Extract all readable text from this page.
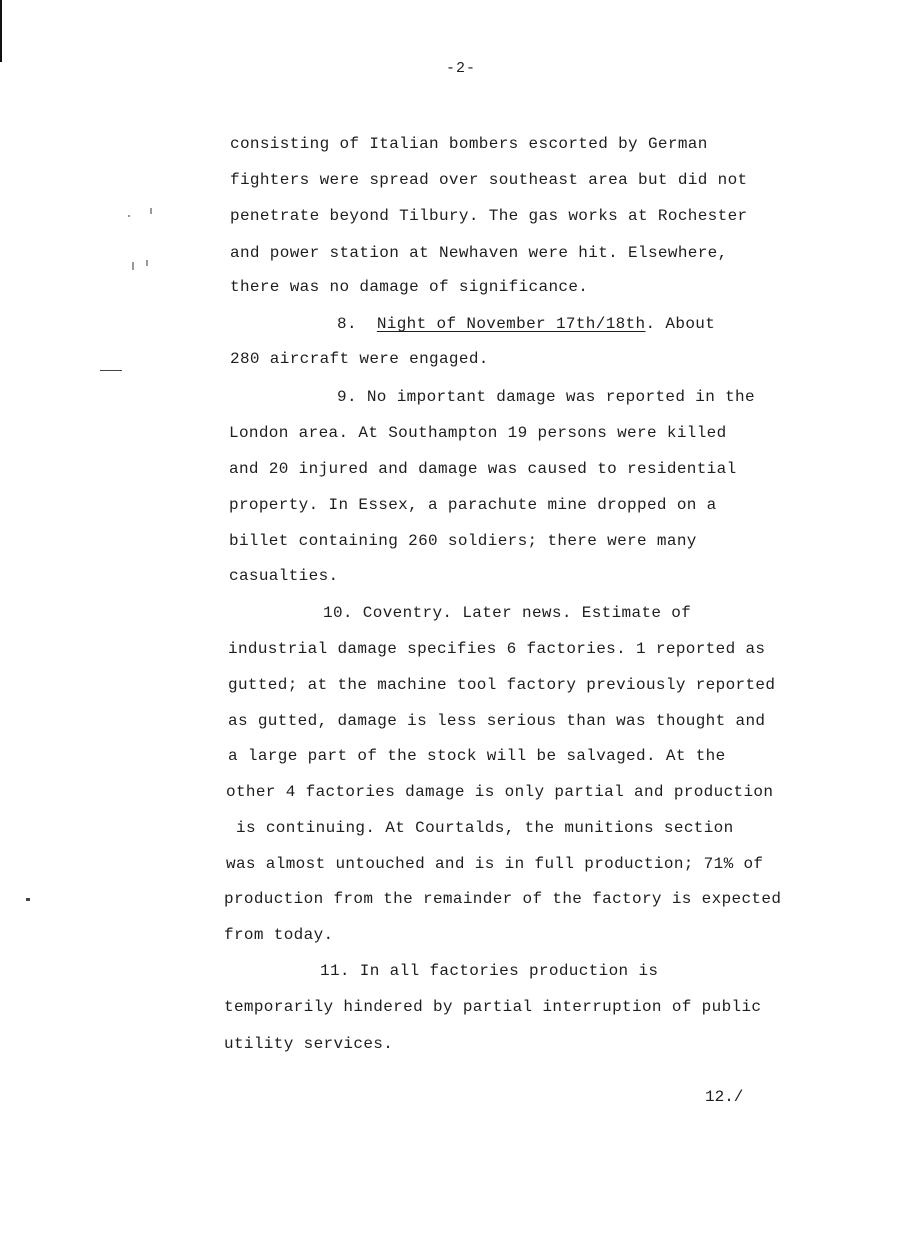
-2-
consisting of Italian bombers escorted by German
fighters were spread over southeast area but did not
penetrate beyond Tilbury. The gas works at Rochester
and power station at Newhaven were hit. Elsewhere,
there was no damage of significance.
8. Night of November 17th/18th. About
280 aircraft were engaged.
9. No important damage was reported in the
London area. At Southampton 19 persons were killed
and 20 injured and damage was caused to residential
property. In Essex, a parachute mine dropped on a
billet containing 260 soldiers; there were many
casualties.
10. Coventry. Later news. Estimate of
industrial damage specifies 6 factories. 1 reported as
gutted; at the machine tool factory previously reported
as gutted, damage is less serious than was thought and
a large part of the stock will be salvaged. At the
other 4 factories damage is only partial and production
is continuing. At Courtalds, the munitions section
was almost untouched and is in full production; 71% of
production from the remainder of the factory is expected
from today.
11. In all factories production is
temporarily hindered by partial interruption of public
utility services.
12./
